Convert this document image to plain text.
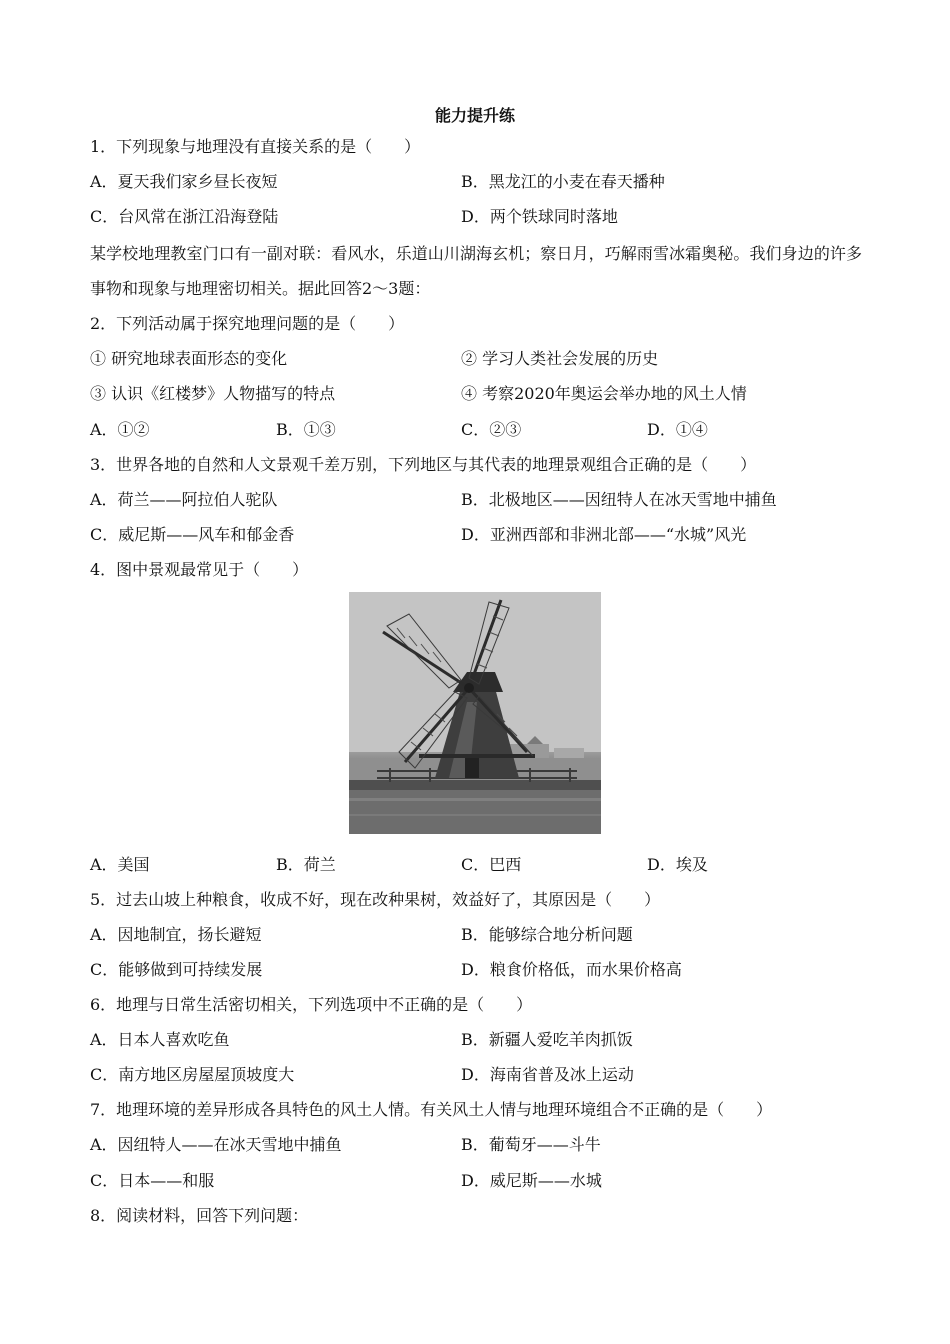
能力提升练
1．下列现象与地理没有直接关系的是（　　）
A．夏天我们家乡昼长夜短	B．黑龙江的小麦在春天播种
C．台风常在浙江沿海登陆	D．两个铁球同时落地
某学校地理教室门口有一副对联：看风水，乐道山川湖海玄机；察日月，巧解雨雪冰霜奥秘。我们身边的许多事物和现象与地理密切相关。据此回答2～3题：
2．下列活动属于探究地理问题的是（　　）
① 研究地球表面形态的变化	② 学习人类社会发展的历史
③ 认识《红楼梦》人物描写的特点	④ 考察2020年奥运会举办地的风土人情
A．①②	B．①③	C．②③	D．①④
3．世界各地的自然和人文景观千差万别，下列地区与其代表的地理景观组合正确的是（　　）
A．荷兰——阿拉伯人驼队	B．北极地区——因纽特人在冰天雪地中捕鱼
C．威尼斯——风车和郁金香	D．亚洲西部和非洲北部——“水城”风光
4．图中景观最常见于（　　）
A．美国	B．荷兰	C．巴西	D．埃及
5．过去山坡上种粮食，收成不好，现在改种果树，效益好了，其原因是（　　）
A．因地制宜，扬长避短	B．能够综合地分析问题
C．能够做到可持续发展	D．粮食价格低，而水果价格高
6．地理与日常生活密切相关，下列选项中不正确的是（　　）
A．日本人喜欢吃鱼	B．新疆人爱吃羊肉抓饭
C．南方地区房屋屋顶坡度大	D．海南省普及冰上运动
7．地理环境的差异形成各具特色的风土人情。有关风土人情与地理环境组合不正确的是（　　）
A．因纽特人——在冰天雪地中捕鱼	B．葡萄牙——斗牛
C．日本——和服	D．威尼斯——水城
8．阅读材料，回答下列问题：
